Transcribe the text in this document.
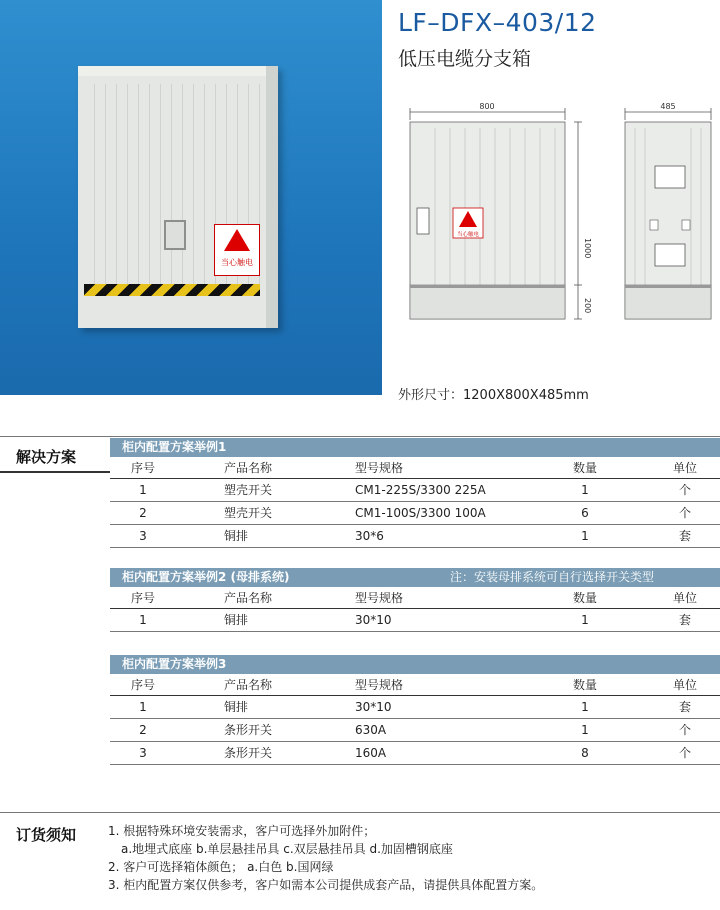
当心触电
LF–DFX–403/12
低压电缆分支箱
800
当心触电
1000
200
485
外形尺寸：1200X800X485mm
解决方案
柜内配置方案举例1
序号	产品名称	型号规格	数量	单位
1	塑壳开关	CM1-225S/3300 225A	1	个
2	塑壳开关	CM1-100S/3300 100A	6	个
3	铜排	30*6	1	套
柜内配置方案举例2 (母排系统)	注：安装母排系统可自行选择开关类型
序号	产品名称	型号规格	数量	单位
1	铜排	30*10	1	套
柜内配置方案举例3
序号	产品名称	型号规格	数量	单位
1	铜排	30*10	1	套
2	条形开关	630A	1	个
3	条形开关	160A	8	个
订货须知	1. 根据特殊环境安装需求，客户可选择外加附件；
a.地埋式底座 b.单层悬挂吊具 c.双层悬挂吊具 d.加固槽钢底座
2. 客户可选择箱体颜色； a.白色 b.国网绿
3. 柜内配置方案仅供参考，客户如需本公司提供成套产品，请提供具体配置方案。
